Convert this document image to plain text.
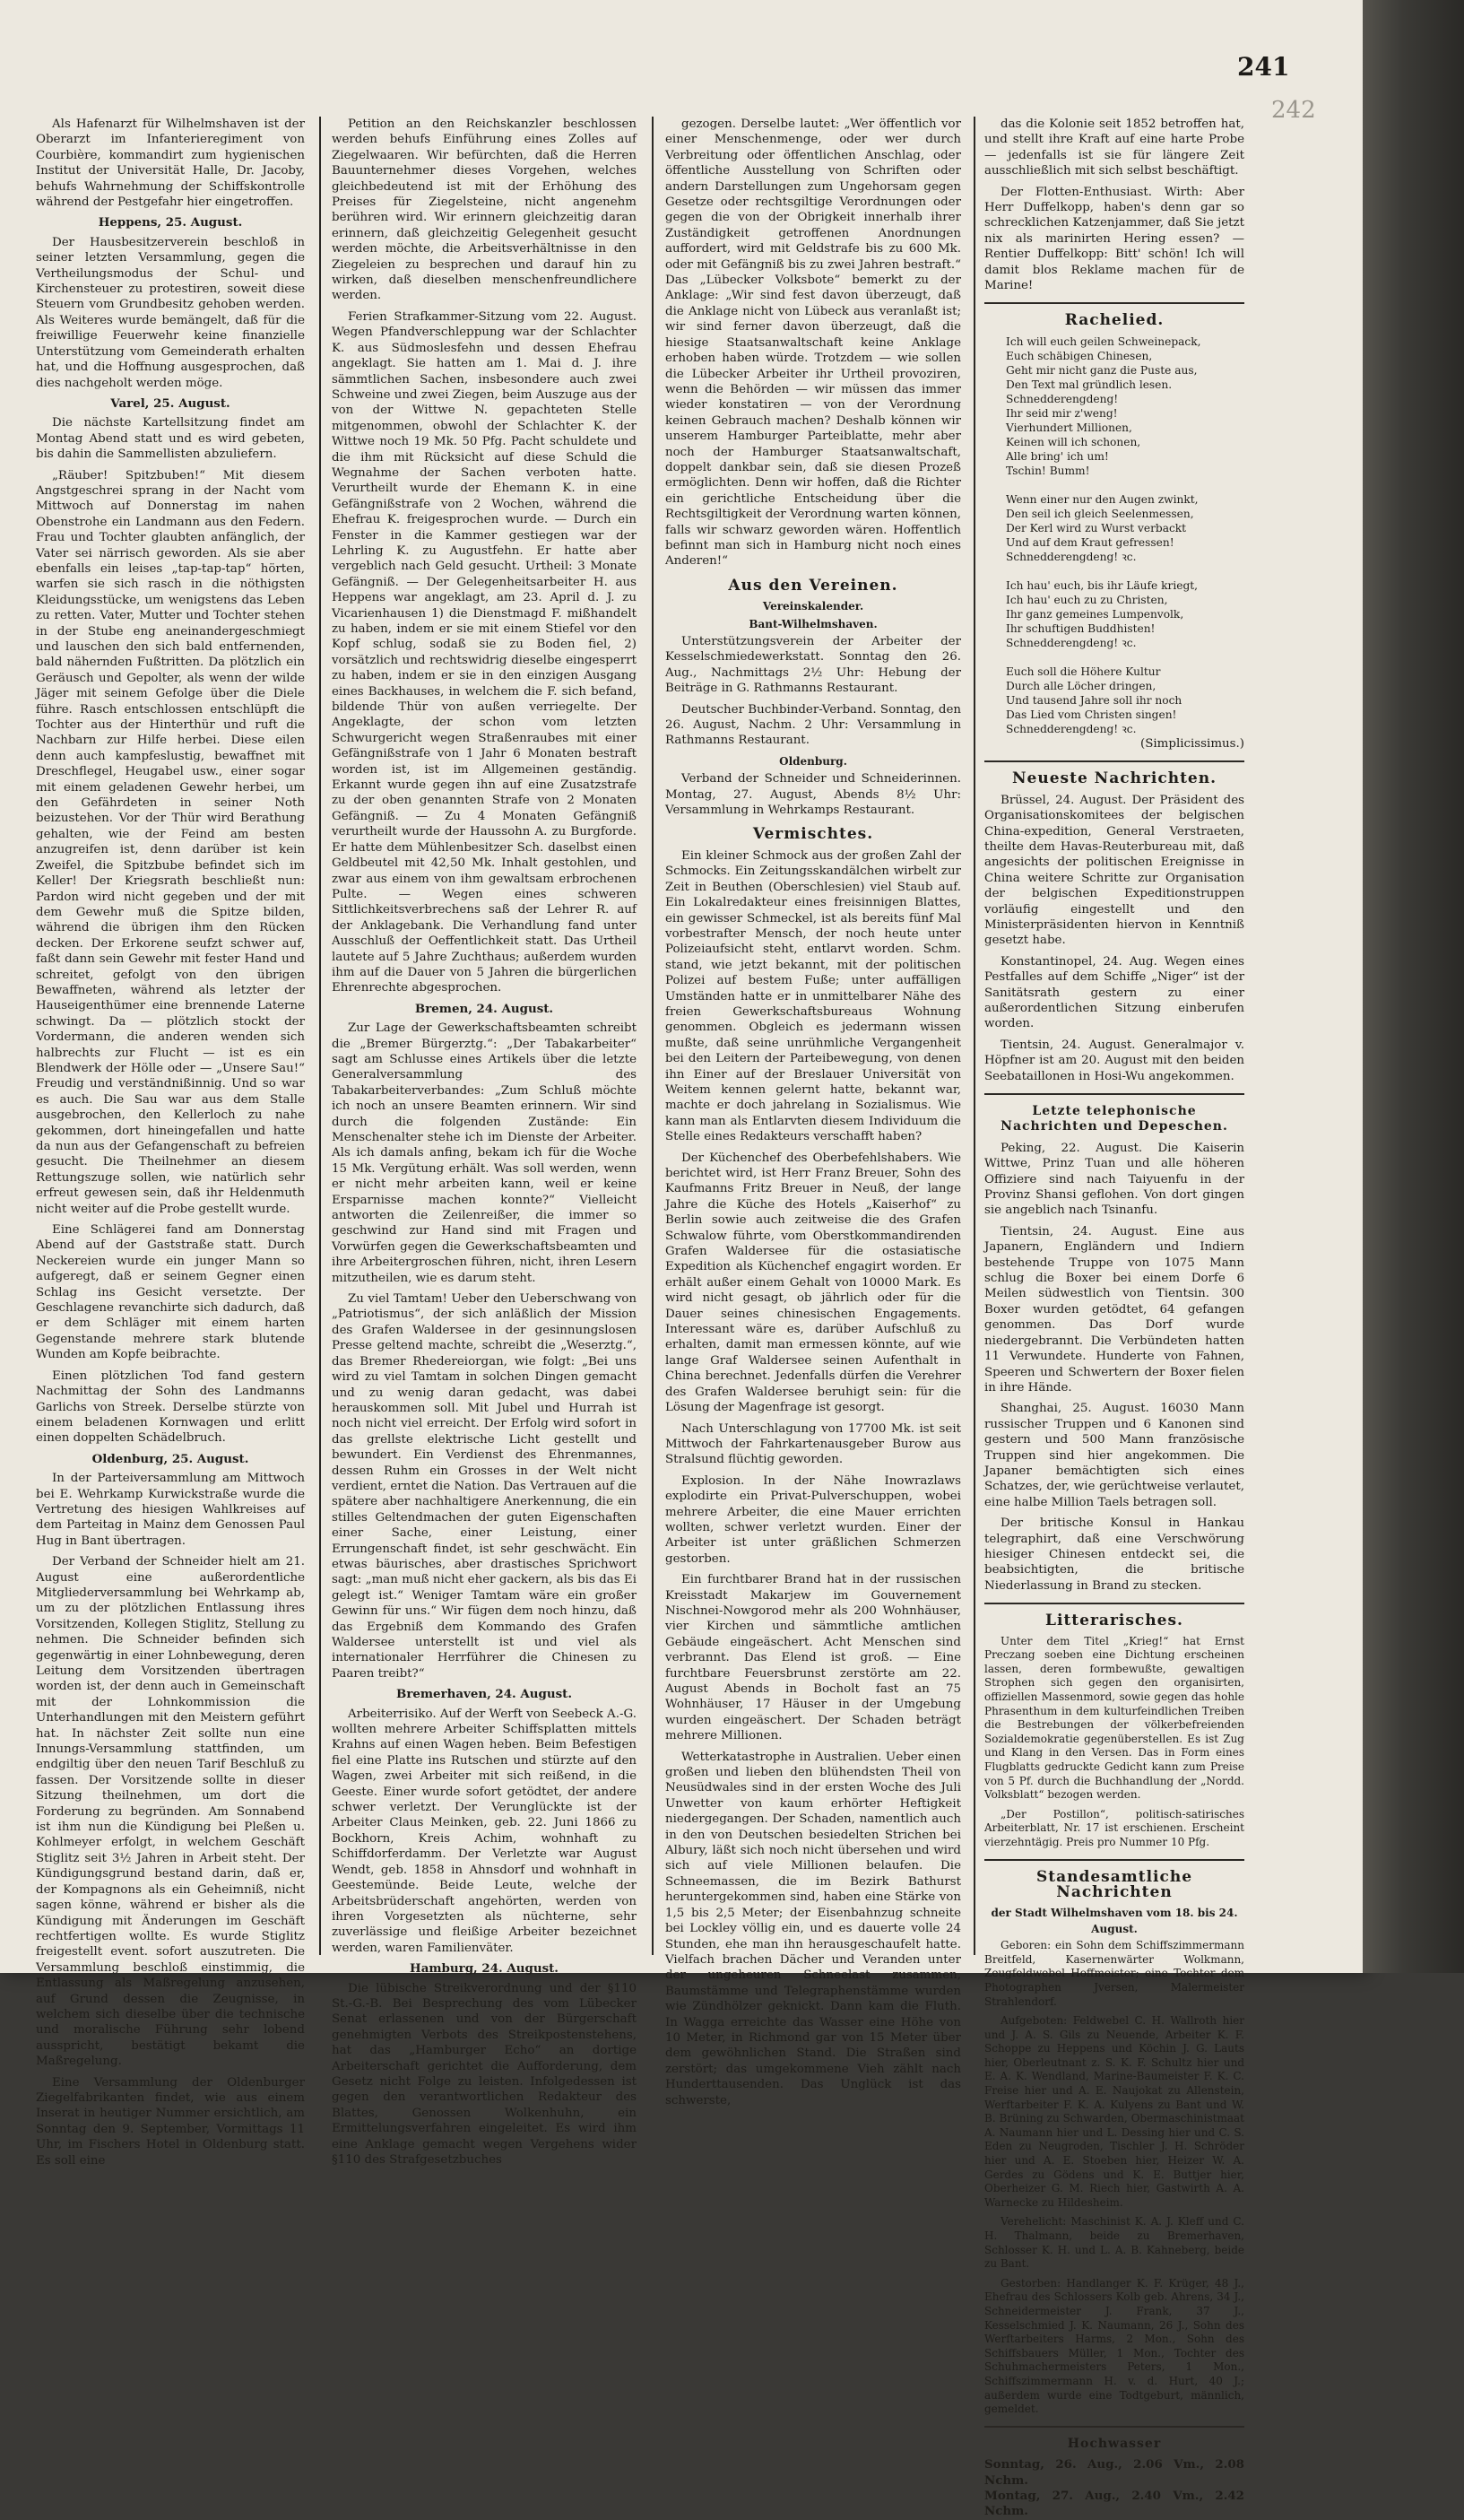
241
242

Als Hafenarzt für Wilhelmshaven ist der Oberarzt im Infanterieregiment von Courbière, kommandirt zum hygienischen Institut der Universität Halle, Dr. Jacoby, behufs Wahrnehmung der Schiffskontrolle während der Pestgefahr hier eingetroffen.

Heppens, 25. August.

Der Hausbesitzerverein beschloß in seiner letzten Versammlung, gegen die Vertheilungsmodus der Schul- und Kirchensteuer zu protestiren, soweit diese Steuern vom Grundbesitz gehoben werden. Als Weiteres wurde bemängelt, daß für die freiwillige Feuerwehr keine finanzielle Unterstützung vom Gemeinderath erhalten hat, und die Hoffnung ausgesprochen, daß dies nachgeholt werden möge.

Varel, 25. August.

Die nächste Kartellsitzung findet am Montag Abend statt und es wird gebeten, bis dahin die Sammellisten abzuliefern.

„Räuber! Spitzbuben!“ Mit diesem Angstgeschrei sprang in der Nacht vom Mittwoch auf Donnerstag im nahen Obenstrohe ein Landmann aus den Federn. Frau und Tochter glaubten anfänglich, der Vater sei närrisch geworden. Als sie aber ebenfalls ein leises „tap-tap-tap“ hörten, warfen sie sich rasch in die nöthigsten Kleidungsstücke, um wenigstens das Leben zu retten. Vater, Mutter und Tochter stehen in der Stube eng aneinandergeschmiegt und lauschen den sich bald entfernenden, bald nähernden Fußtritten. Da plötzlich ein Geräusch und Gepolter, als wenn der wilde Jäger mit seinem Gefolge über die Diele führe. Rasch entschlossen entschlüpft die Tochter aus der Hinterthür und ruft die Nachbarn zur Hilfe herbei. Diese eilen denn auch kampfeslustig, bewaffnet mit Dreschflegel, Heugabel usw., einer sogar mit einem geladenen Gewehr herbei, um den Gefährdeten in seiner Noth beizustehen. Vor der Thür wird Berathung gehalten, wie der Feind am besten anzugreifen ist, denn darüber ist kein Zweifel, die Spitzbube befindet sich im Keller! Der Kriegsrath beschließt nun: Pardon wird nicht gegeben und der mit dem Gewehr muß die Spitze bilden, während die übrigen ihm den Rücken decken. Der Erkorene seufzt schwer auf, faßt dann sein Gewehr mit fester Hand und schreitet, gefolgt von den übrigen Bewaffneten, während als letzter der Hauseigenthümer eine brennende Laterne schwingt. Da — plötzlich stockt der Vordermann, die anderen wenden sich halbrechts zur Flucht — ist es ein Blendwerk der Hölle oder — „Unsere Sau!“ Freudig und verständnißinnig. Und so war es auch. Die Sau war aus dem Stalle ausgebrochen, den Kellerloch zu nahe gekommen, dort hineingefallen und hatte da nun aus der Gefangenschaft zu befreien gesucht. Die Theilnehmer an diesem Rettungszuge sollen, wie natürlich sehr erfreut gewesen sein, daß ihr Heldenmuth nicht weiter auf die Probe gestellt wurde.

Eine Schlägerei fand am Donnerstag Abend auf der Gaststraße statt. Durch Neckereien wurde ein junger Mann so aufgeregt, daß er seinem Gegner einen Schlag ins Gesicht versetzte. Der Geschlagene revanchirte sich dadurch, daß er dem Schläger mit einem harten Gegenstande mehrere stark blutende Wunden am Kopfe beibrachte.

Einen plötzlichen Tod fand gestern Nachmittag der Sohn des Landmanns Garlichs von Streek. Derselbe stürzte von einem beladenen Kornwagen und erlitt einen doppelten Schädelbruch.

Oldenburg, 25. August.

In der Parteiversammlung am Mittwoch bei E. Wehrkamp Kurwickstraße wurde die Vertretung des hiesigen Wahlkreises auf dem Parteitag in Mainz dem Genossen Paul Hug in Bant übertragen.

Der Verband der Schneider hielt am 21. August eine außerordentliche Mitgliederversammlung bei Wehrkamp ab, um zu der plötzlichen Entlassung ihres Vorsitzenden, Kollegen Stiglitz, Stellung zu nehmen. Die Schneider befinden sich gegenwärtig in einer Lohnbewegung, deren Leitung dem Vorsitzenden übertragen worden ist, der denn auch in Gemeinschaft mit der Lohnkommission die Unterhandlungen mit den Meistern geführt hat. In nächster Zeit sollte nun eine Innungs-Versammlung stattfinden, um endgiltig über den neuen Tarif Beschluß zu fassen. Der Vorsitzende sollte in dieser Sitzung theilnehmen, um dort die Forderung zu begründen. Am Sonnabend ist ihm nun die Kündigung bei Pleßen u. Kohlmeyer erfolgt, in welchem Geschäft Stiglitz seit 3½ Jahren in Arbeit steht. Der Kündigungsgrund bestand darin, daß er, der Kompagnons als ein Geheimniß, nicht sagen könne, während er bisher als die Kündigung mit Änderungen im Geschäft rechtfertigen wollte. Es wurde Stiglitz freigestellt event. sofort auszutreten. Die Versammlung beschloß einstimmig, die Entlassung als Maßregelung anzusehen, auf Grund dessen die Zeugnisse, in welchem sich dieselbe über die technische und moralische Führung sehr lobend ausspricht, bestätigt bekamt die Maßregelung.

Eine Versammlung der Oldenburger Ziegelfabrikanten findet, wie aus einem Inserat in heutiger Nummer ersichtlich, am Sonntag den 9. September, Vormittags 11 Uhr, im Fischers Hotel in Oldenburg statt. Es soll eine

Petition an den Reichskanzler beschlossen werden behufs Einführung eines Zolles auf Ziegelwaaren. Wir befürchten, daß die Herren Bauunternehmer dieses Vorgehen, welches gleichbedeutend ist mit der Erhöhung des Preises für Ziegelsteine, nicht angenehm berühren wird. Wir erinnern gleichzeitig daran erinnern, daß gleichzeitig Gelegenheit gesucht werden möchte, die Arbeitsverhältnisse in den Ziegeleien zu besprechen und darauf hin zu wirken, daß dieselben menschenfreundlichere werden.

Ferien Strafkammer-Sitzung vom 22. August. Wegen Pfandverschleppung war der Schlachter K. aus Südmoslesfehn und dessen Ehefrau angeklagt. Sie hatten am 1. Mai d. J. ihre sämmtlichen Sachen, insbesondere auch zwei Schweine und zwei Ziegen, beim Auszuge aus der von der Wittwe N. gepachteten Stelle mitgenommen, obwohl der Schlachter K. der Wittwe noch 19 Mk. 50 Pfg. Pacht schuldete und die ihm mit Rücksicht auf diese Schuld die Wegnahme der Sachen verboten hatte. Verurtheilt wurde der Ehemann K. in eine Gefängnißstrafe von 2 Wochen, während die Ehefrau K. freigesprochen wurde. — Durch ein Fenster in die Kammer gestiegen war der Lehrling K. zu Augustfehn. Er hatte aber vergeblich nach Geld gesucht. Urtheil: 3 Monate Gefängniß. — Der Gelegenheitsarbeiter H. aus Heppens war angeklagt, am 23. April d. J. zu Vicarienhausen 1) die Dienstmagd F. mißhandelt zu haben, indem er sie mit einem Stiefel vor den Kopf schlug, sodaß sie zu Boden fiel, 2) vorsätzlich und rechtswidrig dieselbe eingesperrt zu haben, indem er sie in den einzigen Ausgang eines Backhauses, in welchem die F. sich befand, bildende Thür von außen verriegelte. Der Angeklagte, der schon vom letzten Schwurgericht wegen Straßenraubes mit einer Gefängnißstrafe von 1 Jahr 6 Monaten bestraft worden ist, ist im Allgemeinen geständig. Erkannt wurde gegen ihn auf eine Zusatzstrafe zu der oben genannten Strafe von 2 Monaten Gefängniß. — Zu 4 Monaten Gefängniß verurtheilt wurde der Haussohn A. zu Burgforde. Er hatte dem Mühlenbesitzer Sch. daselbst einen Geldbeutel mit 42,50 Mk. Inhalt gestohlen, und zwar aus einem von ihm gewaltsam erbrochenen Pulte. — Wegen eines schweren Sittlichkeitsverbrechens saß der Lehrer R. auf der Anklagebank. Die Verhandlung fand unter Ausschluß der Oeffentlichkeit statt. Das Urtheil lautete auf 5 Jahre Zuchthaus; außerdem wurden ihm auf die Dauer von 5 Jahren die bürgerlichen Ehrenrechte abgesprochen.

Bremen, 24. August.

Zur Lage der Gewerkschaftsbeamten schreibt die „Bremer Bürgerztg.“: „Der Tabakarbeiter“ sagt am Schlusse eines Artikels über die letzte Generalversammlung des Tabakarbeiterverbandes: „Zum Schluß möchte ich noch an unsere Beamten erinnern. Wir sind durch die folgenden Zustände: Ein Menschenalter stehe ich im Dienste der Arbeiter. Als ich damals anfing, bekam ich für die Woche 15 Mk. Vergütung erhält. Was soll werden, wenn er nicht mehr arbeiten kann, weil er keine Ersparnisse machen konnte?“ Vielleicht antworten die Zeilenreißer, die immer so geschwind zur Hand sind mit Fragen und Vorwürfen gegen die Gewerkschaftsbeamten und ihre Arbeitergroschen führen, nicht, ihren Lesern mitzutheilen, wie es darum steht.

Zu viel Tamtam! Ueber den Ueberschwang von „Patriotismus“, der sich anläßlich der Mission des Grafen Waldersee in der gesinnungslosen Presse geltend machte, schreibt die „Weserztg.“, das Bremer Rhedereiorgan, wie folgt: „Bei uns wird zu viel Tamtam in solchen Dingen gemacht und zu wenig daran gedacht, was dabei herauskommen soll. Mit Jubel und Hurrah ist noch nicht viel erreicht. Der Erfolg wird sofort in das grellste elektrische Licht gestellt und bewundert. Ein Verdienst des Ehrenmannes, dessen Ruhm ein Grosses in der Welt nicht verdient, erntet die Nation. Das Vertrauen auf die spätere aber nachhaltigere Anerkennung, die ein stilles Geltendmachen der guten Eigenschaften einer Sache, einer Leistung, einer Errungenschaft findet, ist sehr geschwächt. Ein etwas bäurisches, aber drastisches Sprichwort sagt: „man muß nicht eher gackern, als bis das Ei gelegt ist.“ Weniger Tamtam wäre ein großer Gewinn für uns.“ Wir fügen dem noch hinzu, daß das Ergebniß dem Kommando des Grafen Waldersee unterstellt ist und viel als internationaler Herrführer die Chinesen zu Paaren treibt?“

Bremerhaven, 24. August.

Arbeiterrisiko. Auf der Werft von Seebeck A.-G. wollten mehrere Arbeiter Schiffsplatten mittels Krahns auf einen Wagen heben. Beim Befestigen fiel eine Platte ins Rutschen und stürzte auf den Wagen, zwei Arbeiter mit sich reißend, in die Geeste. Einer wurde sofort getödtet, der andere schwer verletzt. Der Verunglückte ist der Arbeiter Claus Meinken, geb. 22. Juni 1866 zu Bockhorn, Kreis Achim, wohnhaft zu Schiffdorferdamm. Der Verletzte war August Wendt, geb. 1858 in Ahnsdorf und wohnhaft in Geestemünde. Beide Leute, welche der Arbeitsbrüderschaft angehörten, werden von ihren Vorgesetzten als nüchterne, sehr zuverlässige und fleißige Arbeiter bezeichnet werden, waren Familienväter.

Hamburg, 24. August.

Die lübische Streikverordnung und der §110 St.-G.-B. Bei Besprechung des vom Lübecker Senat erlassenen und von der Bürgerschaft genehmigten Verbots des Streikpostenstehens, hat das „Hamburger Echo“ an dortige Arbeiterschaft gerichtet die Aufforderung, dem Gesetz nicht Folge zu leisten. Infolgedessen ist gegen den verantwortlichen Redakteur des Blattes, Genossen Wolkenhuhn, ein Ermittelungsverfahren eingeleitet. Es wird ihm eine Anklage gemacht wegen Vergehens wider §110 des Strafgesetzbuches

gezogen. Derselbe lautet: „Wer öffentlich vor einer Menschenmenge, oder wer durch Verbreitung oder öffentlichen Anschlag, oder öffentliche Ausstellung von Schriften oder andern Darstellungen zum Ungehorsam gegen Gesetze oder rechtsgiltige Verordnungen oder gegen die von der Obrigkeit innerhalb ihrer Zuständigkeit getroffenen Anordnungen auffordert, wird mit Geldstrafe bis zu 600 Mk. oder mit Gefängniß bis zu zwei Jahren bestraft.“ Das „Lübecker Volksbote“ bemerkt zu der Anklage: „Wir sind fest davon überzeugt, daß die Anklage nicht von Lübeck aus veranlaßt ist; wir sind ferner davon überzeugt, daß die hiesige Staatsanwaltschaft keine Anklage erhoben haben würde. Trotzdem — wie sollen die Lübecker Arbeiter ihr Urtheil provoziren, wenn die Behörden — wir müssen das immer wieder konstatiren — von der Verordnung keinen Gebrauch machen? Deshalb können wir unserem Hamburger Parteiblatte, mehr aber noch der Hamburger Staatsanwaltschaft, doppelt dankbar sein, daß sie diesen Prozeß ermöglichten. Denn wir hoffen, daß die Richter ein gerichtliche Entscheidung über die Rechtsgiltigkeit der Verordnung warten können, falls wir schwarz geworden wären. Hoffentlich befinnt man sich in Hamburg nicht noch eines Anderen!“

Aus den Vereinen.

Vereinskalender.

Bant-Wilhelmshaven.

Unterstützungsverein der Arbeiter der Kesselschmiedewerkstatt. Sonntag den 26. Aug., Nachmittags 2½ Uhr: Hebung der Beiträge in G. Rathmanns Restaurant.

Deutscher Buchbinder-Verband. Sonntag, den 26. August, Nachm. 2 Uhr: Versammlung in Rathmanns Restaurant.

Oldenburg.

Verband der Schneider und Schneiderinnen. Montag, 27. August, Abends 8½ Uhr: Versammlung in Wehrkamps Restaurant.

Vermischtes.

Ein kleiner Schmock aus der großen Zahl der Schmocks. Ein Zeitungsskandälchen wirbelt zur Zeit in Beuthen (Oberschlesien) viel Staub auf. Ein Lokalredakteur eines freisinnigen Blattes, ein gewisser Schmeckel, ist als bereits fünf Mal vorbestrafter Mensch, der noch heute unter Polizeiaufsicht steht, entlarvt worden. Schm. stand, wie jetzt bekannt, mit der politischen Polizei auf bestem Fuße; unter auffälligen Umständen hatte er in unmittelbarer Nähe des freien Gewerkschaftsbureaus Wohnung genommen. Obgleich es jedermann wissen mußte, daß seine unrühmliche Vergangenheit bei den Leitern der Parteibewegung, von denen ihn Einer auf der Breslauer Universität von Weitem kennen gelernt hatte, bekannt war, machte er doch jahrelang in Sozialismus. Wie kann man als Entlarvten diesem Individuum die Stelle eines Redakteurs verschafft haben?

Der Küchenchef des Oberbefehlshabers. Wie berichtet wird, ist Herr Franz Breuer, Sohn des Kaufmanns Fritz Breuer in Neuß, der lange Jahre die Küche des Hotels „Kaiserhof“ zu Berlin sowie auch zeitweise die des Grafen Schwalow führte, vom Oberstkommandirenden Grafen Waldersee für die ostasiatische Expedition als Küchenchef engagirt worden. Er erhält außer einem Gehalt von 10000 Mark. Es wird nicht gesagt, ob jährlich oder für die Dauer seines chinesischen Engagements. Interessant wäre es, darüber Aufschluß zu erhalten, damit man ermessen könnte, auf wie lange Graf Waldersee seinen Aufenthalt in China berechnet. Jedenfalls dürfen die Verehrer des Grafen Waldersee beruhigt sein: für die Lösung der Magenfrage ist gesorgt.

Nach Unterschlagung von 17700 Mk. ist seit Mittwoch der Fahrkartenausgeber Burow aus Stralsund flüchtig geworden.

Explosion. In der Nähe Inowrazlaws explodirte ein Privat-Pulverschuppen, wobei mehrere Arbeiter, die eine Mauer errichten wollten, schwer verletzt wurden. Einer der Arbeiter ist unter gräßlichen Schmerzen gestorben.

Ein furchtbarer Brand hat in der russischen Kreisstadt Makarjew im Gouvernement Nischnei-Nowgorod mehr als 200 Wohnhäuser, vier Kirchen und sämmtliche amtlichen Gebäude eingeäschert. Acht Menschen sind verbrannt. Das Elend ist groß. — Eine furchtbare Feuersbrunst zerstörte am 22. August Abends in Bocholt fast an 75 Wohnhäuser, 17 Häuser in der Umgebung wurden eingeäschert. Der Schaden beträgt mehrere Millionen.

Wetterkatastrophe in Australien. Ueber einen großen und lieben den blühendsten Theil von Neusüdwales sind in der ersten Woche des Juli Unwetter von kaum erhörter Heftigkeit niedergegangen. Der Schaden, namentlich auch in den von Deutschen besiedelten Strichen bei Albury, läßt sich noch nicht übersehen und wird sich auf viele Millionen belaufen. Die Schneemassen, die im Bezirk Bathurst heruntergekommen sind, haben eine Stärke von 1,5 bis 2,5 Meter; der Eisenbahnzug schneite bei Lockley völlig ein, und es dauerte volle 24 Stunden, ehe man ihn herausgeschaufelt hatte. Vielfach brachen Dächer und Veranden unter der ungeheuren Schneelast zusammen, Baumstämme und Telegraphenstämme wurden wie Zündhölzer geknickt. Dann kam die Fluth. In Wagga erreichte das Wasser eine Höhe von 10 Meter, in Richmond gar von 15 Meter über dem gewöhnlichen Stand. Die Straßen sind zerstört; das umgekommene Vieh zählt nach Hunderttausenden. Das Unglück ist das schwerste,

das die Kolonie seit 1852 betroffen hat, und stellt ihre Kraft auf eine harte Probe — jedenfalls ist sie für längere Zeit ausschließlich mit sich selbst beschäftigt.

Der Flotten-Enthusiast. Wirth: Aber Herr Duffelkopp, haben's denn gar so schrecklichen Katzenjammer, daß Sie jetzt nix als marinirten Hering essen? — Rentier Duffelkopp: Bitt' schön! Ich will damit blos Reklame machen für de Marine!

Rachelied.

Ich will euch geilen Schweinepack,

Euch schäbigen Chinesen,

Geht mir nicht ganz die Puste aus,

Den Text mal gründlich lesen.

Schnedderengdeng!

Ihr seid mir z'weng!

Vierhundert Millionen,

Keinen will ich schonen,

Alle bring' ich um!

Tschin! Bumm!

Wenn einer nur den Augen zwinkt,

Den seil ich gleich Seelenmessen,

Der Kerl wird zu Wurst verbackt

Und auf dem Kraut gefressen!

Schnedderengdeng! ꝛc.

Ich hau' euch, bis ihr Läufe kriegt,

Ich hau' euch zu zu Christen,

Ihr ganz gemeines Lumpenvolk,

Ihr schuftigen Buddhisten!

Schnedderengdeng! ꝛc.

Euch soll die Höhere Kultur

Durch alle Löcher dringen,

Und tausend Jahre soll ihr noch

Das Lied vom Christen singen!

Schnedderengdeng! ꝛc.

(Simplicissimus.)

Neueste Nachrichten.

Brüssel, 24. August. Der Präsident des Organisationskomitees der belgischen China-expedition, General Verstraeten, theilte dem Havas-Reuterbureau mit, daß angesichts der politischen Ereignisse in China weitere Schritte zur Organisation der belgischen Expeditionstruppen vorläufig eingestellt und den Ministerpräsidenten hiervon in Kenntniß gesetzt habe.

Konstantinopel, 24. Aug. Wegen eines Pestfalles auf dem Schiffe „Niger“ ist der Sanitätsrath gestern zu einer außerordentlichen Sitzung einberufen worden.

Tientsin, 24. August. Generalmajor v. Höpfner ist am 20. August mit den beiden Seebataillonen in Hosi-Wu angekommen.

Letzte telephonische Nachrichten und Depeschen.

Peking, 22. August. Die Kaiserin Wittwe, Prinz Tuan und alle höheren Offiziere sind nach Taiyuenfu in der Provinz Shansi geflohen. Von dort gingen sie angeblich nach Tsinanfu.

Tientsin, 24. August. Eine aus Japanern, Engländern und Indiern bestehende Truppe von 1075 Mann schlug die Boxer bei einem Dorfe 6 Meilen südwestlich von Tientsin. 300 Boxer wurden getödtet, 64 gefangen genommen. Das Dorf wurde niedergebrannt. Die Verbündeten hatten 11 Verwundete. Hunderte von Fahnen, Speeren und Schwertern der Boxer fielen in ihre Hände.

Shanghai, 25. August. 16030 Mann russischer Truppen und 6 Kanonen sind gestern und 500 Mann französische Truppen sind hier angekommen. Die Japaner bemächtigten sich eines Schatzes, der, wie gerüchtweise verlautet, eine halbe Million Taels betragen soll.

Der britische Konsul in Hankau telegraphirt, daß eine Verschwörung hiesiger Chinesen entdeckt sei, die beabsichtigten, die britische Niederlassung in Brand zu stecken.

Litterarisches.

Unter dem Titel „Krieg!“ hat Ernst Preczang soeben eine Dichtung erscheinen lassen, deren formbewußte, gewaltigen Strophen sich gegen den organisirten, offiziellen Massenmord, sowie gegen das hohle Phrasenthum in dem kulturfeindlichen Treiben die Bestrebungen der völkerbefreienden Sozialdemokratie gegenüberstellen. Es ist Zug und Klang in den Versen. Das in Form eines Flugblatts gedruckte Gedicht kann zum Preise von 5 Pf. durch die Buchhandlung der „Nordd. Volksblatt“ bezogen werden.

„Der Postillon“, politisch-satirisches Arbeiterblatt, Nr. 17 ist erschienen. Erscheint vierzehntägig. Preis pro Nummer 10 Pfg.

Standesamtliche Nachrichten

der Stadt Wilhelmshaven vom 18. bis 24. August.

Geboren: ein Sohn dem Schiffszimmermann Breitfeld, Kasernenwärter Wolkmann, Zeugfeldwebel Hoffmeister; eine Tochter dem Photographen Jversen, Malermeister Strahlendorf.

Aufgeboten: Feldwebel C. H. Wallroth hier und J. A. S. Gils zu Neuende, Arbeiter K. F. Schoppe zu Heppens und Köchin J. G. Lauts hier, Oberleutnant z. S. K. F. Schultz hier und E. A. K. Wendland, Marine-Baumeister F. K. C. Freise hier und A. E. Naujokat zu Allenstein, Werftarbeiter F. K. A. Kulyens zu Bant und W. B. Brüning zu Schwarden, Obermaschinistmaat A. Naumann hier und L. Dessing hier und C. S. Eden zu Neugroden, Tischler J. H. Schröder hier und A. E. Stoeben hier, Heizer W. A. Gerdes zu Gödens und K. E. Buttjer hier, Oberheizer G. M. Riech hier, Gastwirth A. A. Warnecke zu Hildesheim.

Verehelicht: Maschinist K. A. J. Kleff und C. H. Thalmann, beide zu Bremerhaven, Schlosser K. H. und L. A. B. Kahneberg, beide zu Bant.

Gestorben: Handlanger K. F. Krüger, 48 J., Ehefrau des Schlossers Kolb geb. Ahrens, 34 J., Schneidermeister J. Frank, 37 J., Kesselschmied J. K. Naumann, 26 J., Sohn des Werftarbeiters Harms, 2 Mon., Sohn des Schiffsbauers Müller, 1 Mon., Tochter des Schuhmachermeisters Peters, 1 Mon., Schiffszimmermann H. v. d. Hurt, 40 J.; außerdem wurde eine Todtgeburt, männlich, gemeldet.

Hochwasser

Sonntag, 26. Aug., 2.06 Vm., 2.08 Nchm.

Montag, 27. Aug., 2.40 Vm., 2.42 Nchm.
